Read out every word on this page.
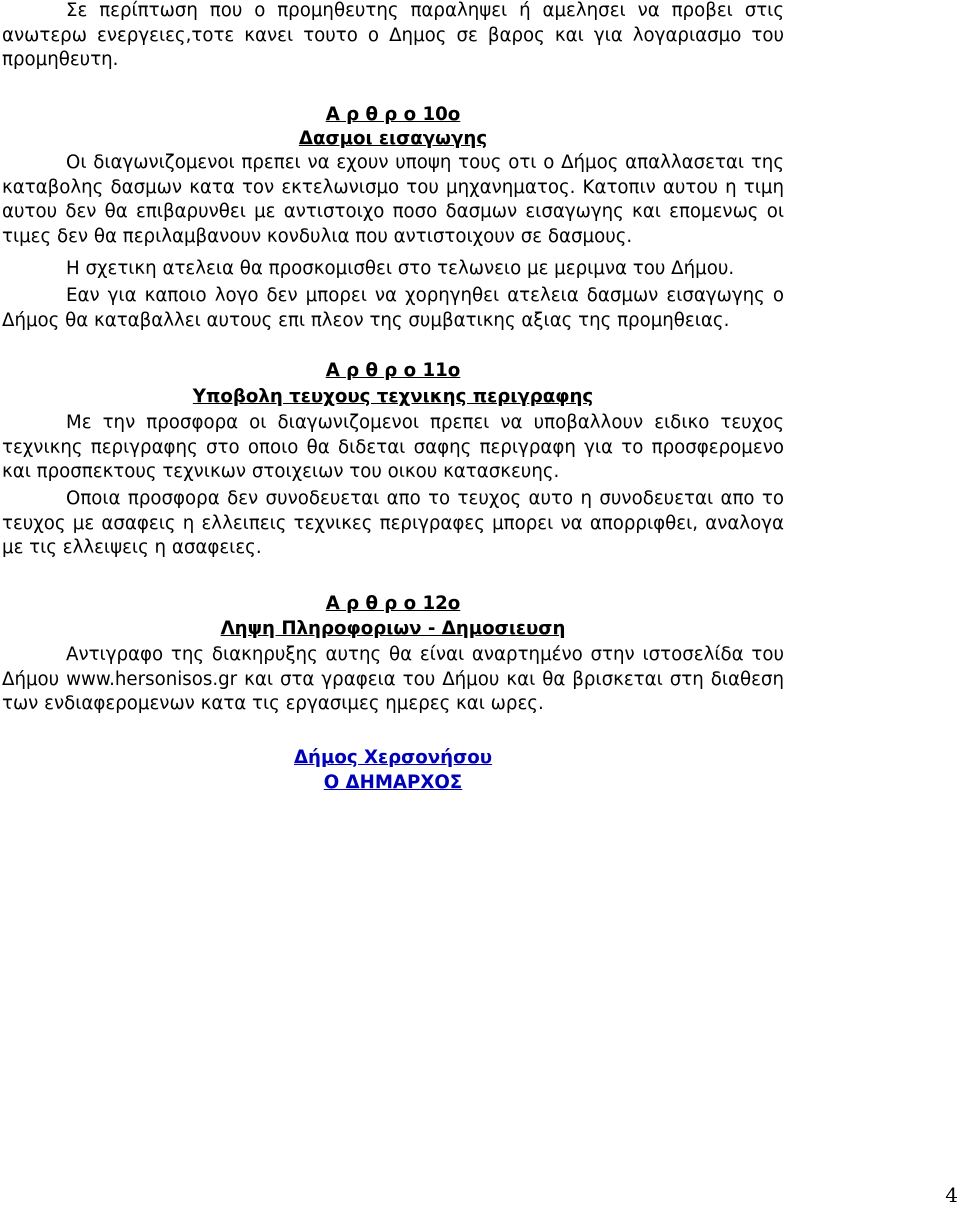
Σε περίπτωση που ο προμηθευτης παραληψει ή αμελησει να προβει στις ανωτερω ενεργειες,τοτε κανει τουτο ο Δημος σε βαρος και για λογαριασμο του προμηθευτη.
Α ρ θ ρ ο 10ο
Δασμοι εισαγωγης
Οι διαγωνιζομενοι πρεπει να εχουν υποψη τους οτι ο Δήμος απαλλασεται της καταβολης δασμων κατα τον εκτελωνισμο του μηχανηματος. Κατοπιν αυτου η τιμη αυτου δεν θα επιβαρυνθει με αντιστοιχο ποσο δασμων εισαγωγης και επομενως οι τιμες δεν θα περιλαμβανουν κονδυλια που αντιστοιχουν σε δασμους.
Η σχετικη ατελεια θα προσκομισθει στο τελωνειο με μεριμνα του Δήμου.
Εαν για καποιο λογο δεν μπορει να χορηγηθει ατελεια δασμων εισαγωγης ο Δήμος θα καταβαλλει αυτους επι πλεον της συμβατικης αξιας της προμηθειας.
Α ρ θ ρ ο 11ο
Υποβολη τευχους τεχνικης περιγραφης
Με την προσφορα οι διαγωνιζομενοι πρεπει να υποβαλλουν ειδικο τευχος τεχνικης περιγραφης στο οποιο θα διδεται σαφης περιγραφη για το προσφερομενο και προσπεκτους τεχνικων στοιχειων του οικου κατασκευης.
Οποια προσφορα δεν συνοδευεται απο το τευχος αυτο η συνοδευεται απο το τευχος με ασαφεις η ελλειπεις τεχνικες περιγραφες μπορει να απορριφθει, αναλογα με τις ελλειψεις η ασαφειες.
Α ρ θ ρ ο 12ο
Ληψη Πληροφοριων - Δημοσιευση
Αντιγραφο της διακηρυξης αυτης θα είναι αναρτημένο στην ιστοσελίδα του Δήμου www.hersonisos.gr και στα γραφεια του Δήμου και θα βρισκεται στη διαθεση των ενδιαφερομενων κατα τις εργασιμες ημερες και ωρες.
Δήμος Χερσονήσου
Ο ΔΗΜΑΡΧΟΣ
4
